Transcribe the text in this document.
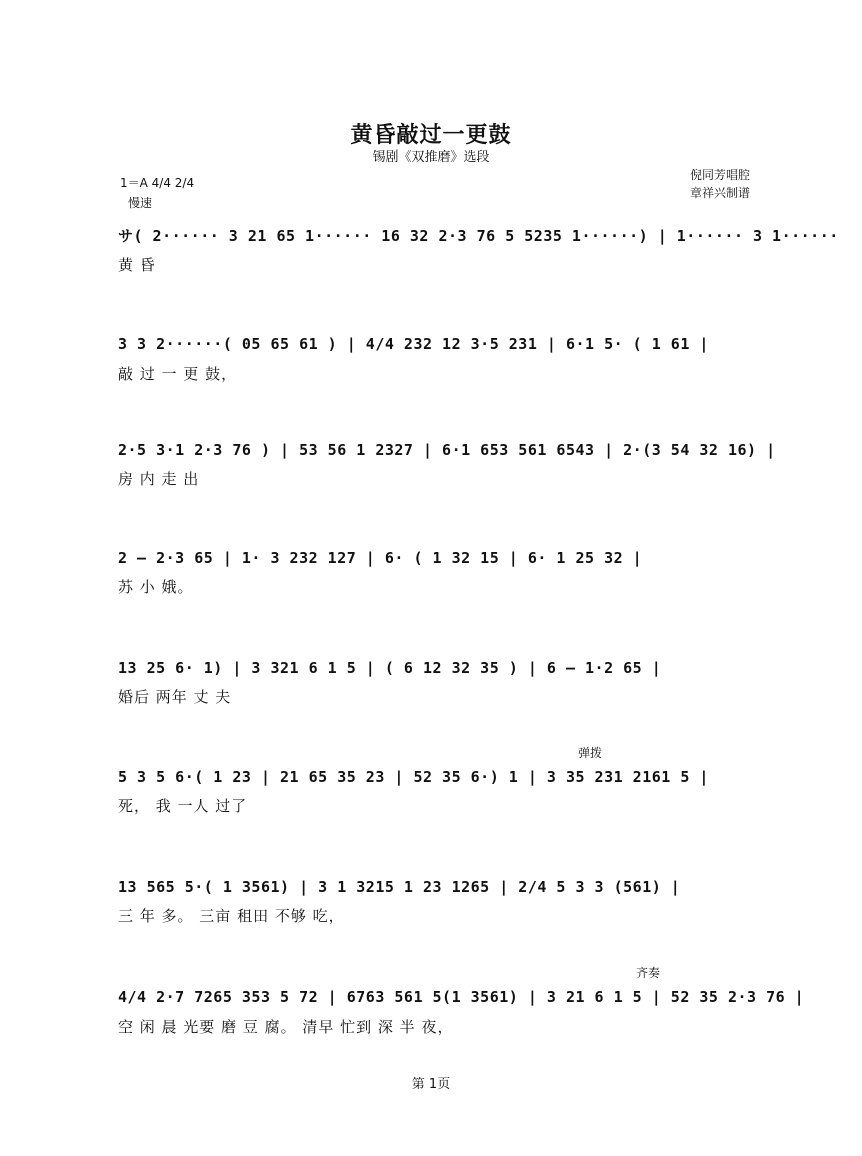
黄昏敲过一更鼓
锡剧《双推磨》选段
倪同芳唱腔
章祥兴制谱
1＝A 4/4 2/4
慢速
サ( 2······ 3 21 65 1······ 16 32 2·3 76 5 5235 1······) | 1······ 3 1······
黄 昏
3 3 2······( 05 65 61 ) | 4/4 232 12 3·5 231 | 6·1 5· ( 1 61 |
敲 过 一 更 鼓，
2·5 3·1 2·3 76 ) | 53 56 1 2327 | 6·1 653 561 6543 | 2·(3 54 32 16) |
房 内 走 出
2 – 2·3 65 | 1· 3 232 127 | 6· ( 1 32 15 | 6· 1 25 32 |
苏 小 娥。
13 25 6· 1) | 3 321 6 1 5 | ( 6 12 32 35 ) | 6 – 1·2 65 |
婚后 两年 丈 夫
弹拨
5 3 5 6·( 1 23 | 21 65 35 23 | 52 35 6·) 1 | 3 35 231 2161 5 |
死， 我 一人 过了
13 565 5·( 1 3561) | 3 1 3215 1 23 1265 | 2/4 5 3 3 (561) |
三 年 多。 三亩 租田 不够 吃，
齐奏
4/4 2·7 7265 353 5 72 | 6763 561 5(1 3561) | 3 21 6 1 5 | 52 35 2·3 76 |
空 闲 晨 光要 磨 豆 腐。 清早 忙到 深 半 夜，
第 1页
